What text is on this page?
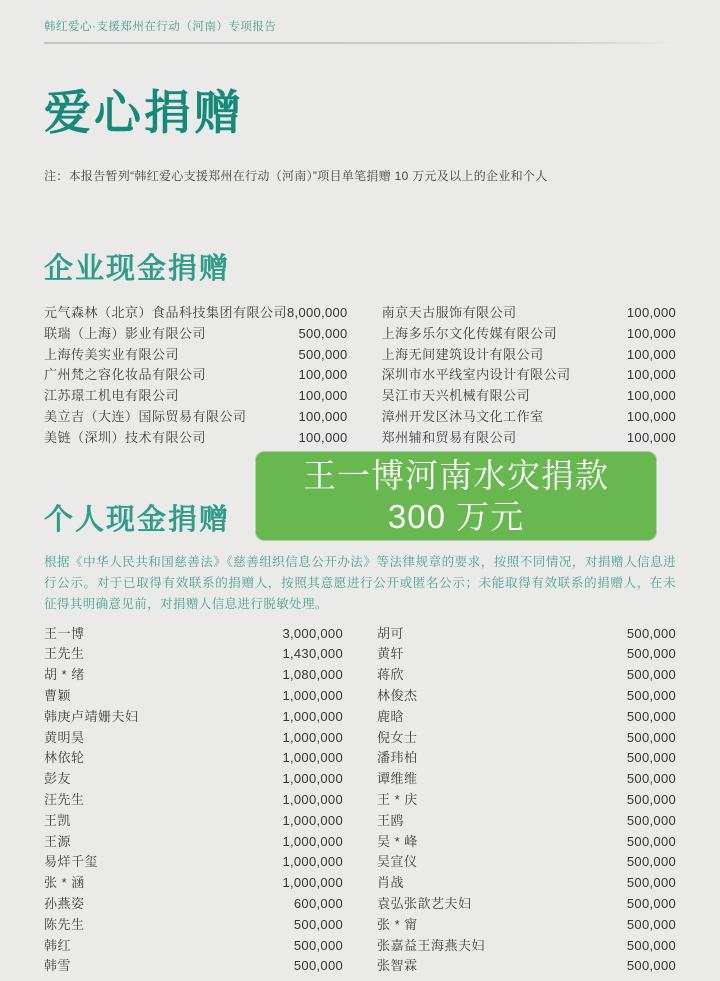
韩红爱心·支援郑州在行动（河南）专项报告
爱心捐赠

注：本报告暂列“韩红爱心支援郑州在行动（河南）”项目单笔捐赠 10 万元及以上的企业和个人

企业现金捐赠
元气森林（北京）食品科技集团有限公司 8,000,000
联瑞（上海）影业有限公司	500,000
上海传美实业有限公司	500,000
广州梵之容化妆品有限公司	100,000
江苏璟工机电有限公司	100,000
美立吉（大连）国际贸易有限公司	100,000
美链（深圳）技术有限公司	100,000
南京天古服饰有限公司	100,000
上海多乐尔文化传媒有限公司	100,000
上海无间建筑设计有限公司	100,000
深圳市水平线室内设计有限公司	100,000
吴江市天兴机械有限公司	100,000
漳州开发区沐马文化工作室	100,000
郑州辅和贸易有限公司	100,000
个人现金捐赠
王一博河南水灾捐款
300 万元

根据《中华人民共和国慈善法》《慈善组织信息公开办法》等法律规章的要求，按照不同情况，对捐赠人信息进行公示。对于已取得有效联系的捐赠人，按照其意愿进行公开或匿名公示；未能取得有效联系的捐赠人，在未征得其明确意见前，对捐赠人信息进行脱敏处理。

王一博	3,000,000
王先生	1,430,000
胡 * 绪	1,080,000
曹颖	1,000,000
韩庚卢靖姗夫妇	1,000,000
黄明昊	1,000,000
林依轮	1,000,000
彭友	1,000,000
汪先生	1,000,000
王凯	1,000,000
王源	1,000,000
易烊千玺	1,000,000
张 * 涵	1,000,000
孙燕姿	600,000
陈先生	500,000
韩红	500,000
韩雪	500,000
胡可	500,000
黄轩	500,000
蒋欣	500,000
林俊杰	500,000
鹿晗	500,000
倪女士	500,000
潘玮柏	500,000
谭维维	500,000
王 * 庆	500,000
王鸥	500,000
吴 * 峰	500,000
吴宣仪	500,000
肖战	500,000
袁弘张歆艺夫妇	500,000
张 * 甯	500,000
张嘉益王海燕夫妇	500,000
张智霖	500,000
